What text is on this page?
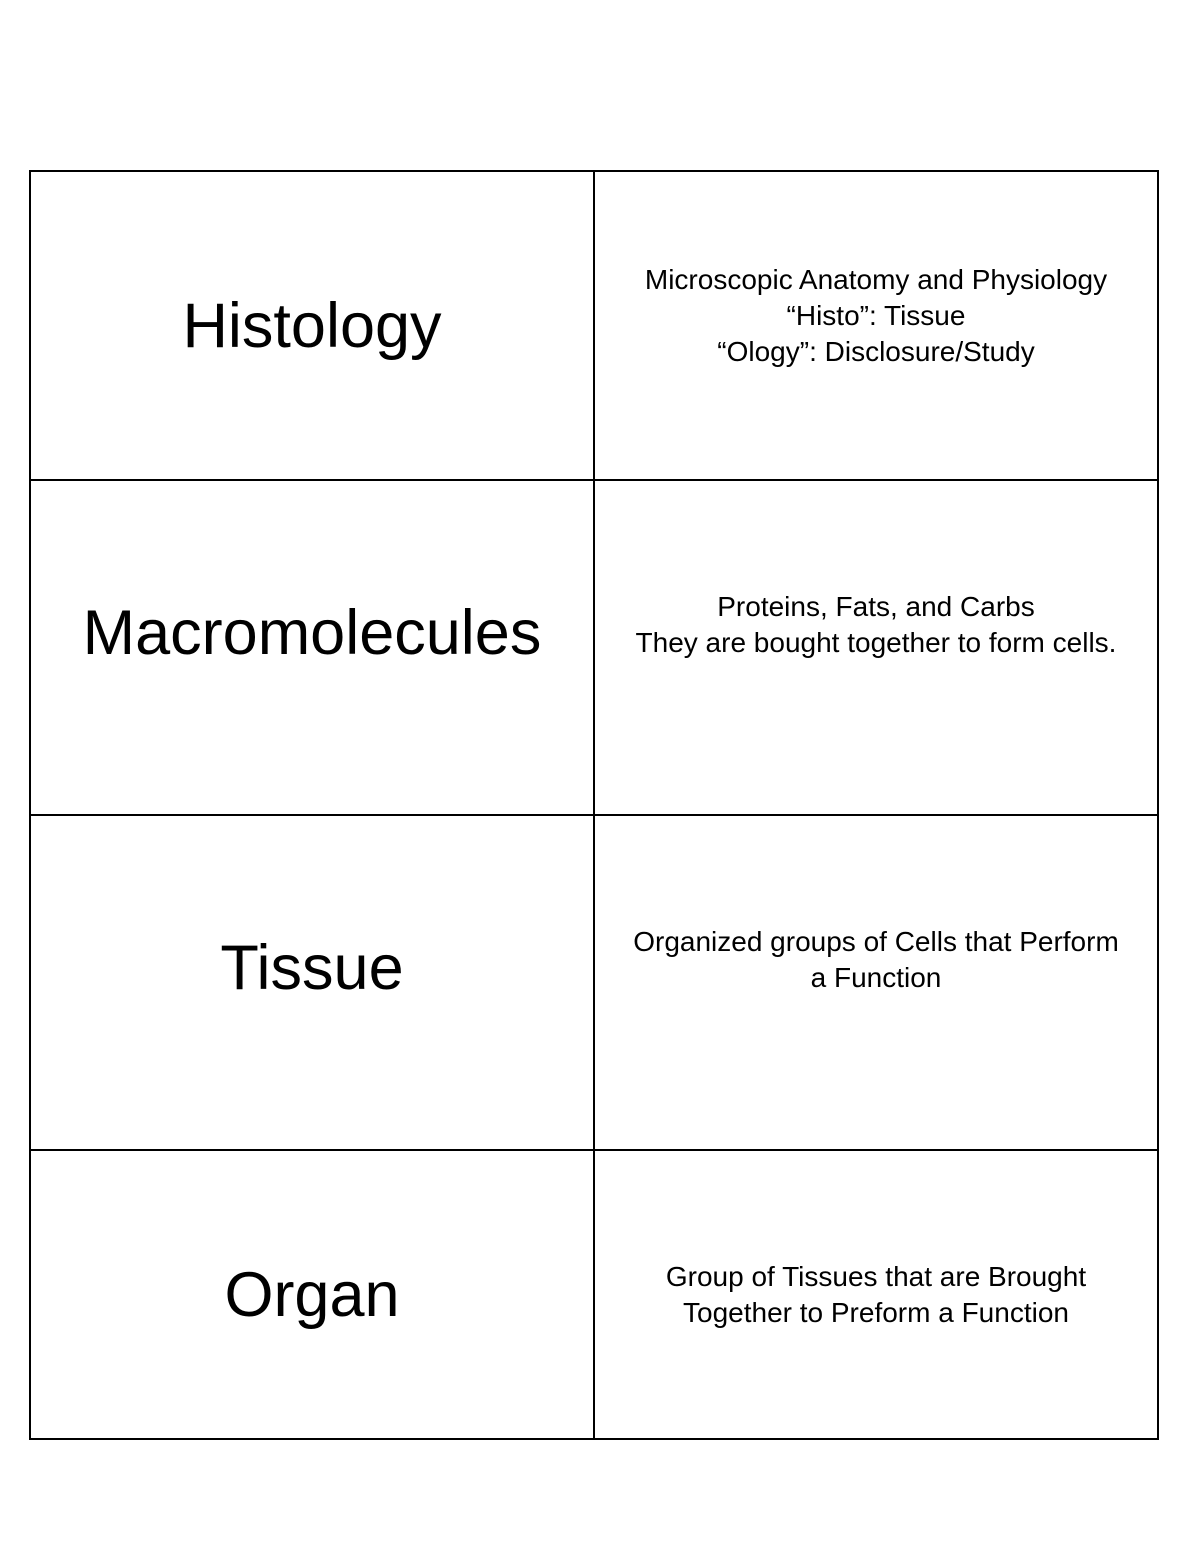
Histology	Microscopic Anatomy and Physiology
“Histo”: Tissue
“Ology”: Disclosure/Study

Macromolecules	Proteins, Fats, and Carbs
They are bought together to form cells.

Tissue	Organized groups of Cells that Perform
a Function

Organ	Group of Tissues that are Brought
Together to Preform a Function
